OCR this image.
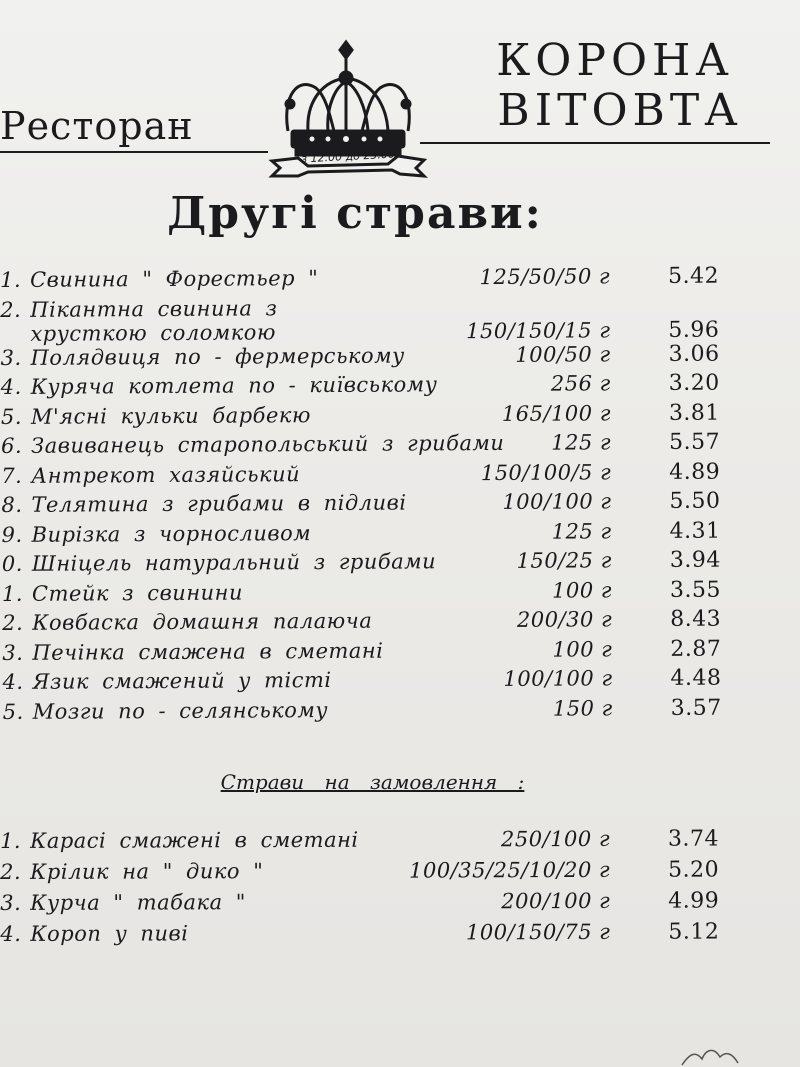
Ресторан
з 12.00 до 23.00
КОРОНА
ВІТОВТА
Другі страви:
1. Свинина " Форестьер "	125/50/50 г	5.42
2. Пікантна свинина з
хрусткою соломкою	150/150/15 г	5.96
3. Полядвиця по - фермерському	100/50 г	3.06
4. Куряча котлета по - київському	256 г	3.20
5. М'ясні кульки барбекю	165/100 г	3.81
6. Завиванець старопольський з грибами 125 г	5.57
7. Антрекот хазяйський	150/100/5 г	4.89
8. Телятина з грибами в підливі	100/100 г	5.50
9. Вирізка з чорносливом	125 г	4.31
0. Шніцель натуральний з грибами	150/25 г	3.94
1. Стейк з свинини	100 г	3.55
2. Ковбаска домашня палаюча	200/30 г	8.43
3. Печінка смажена в сметані	100 г	2.87
4. Язик смажений у тісті	100/100 г	4.48
5. Мозги по - селянському	150 г	3.57
Страви на замовлення :
1. Карасі смажені в сметані	250/100 г	3.74
2. Крілик на " дико "	100/35/25/10/20 г	5.20
3. Курча " табака "	200/100 г	4.99
4. Короп у пиві	100/150/75 г	5.12
